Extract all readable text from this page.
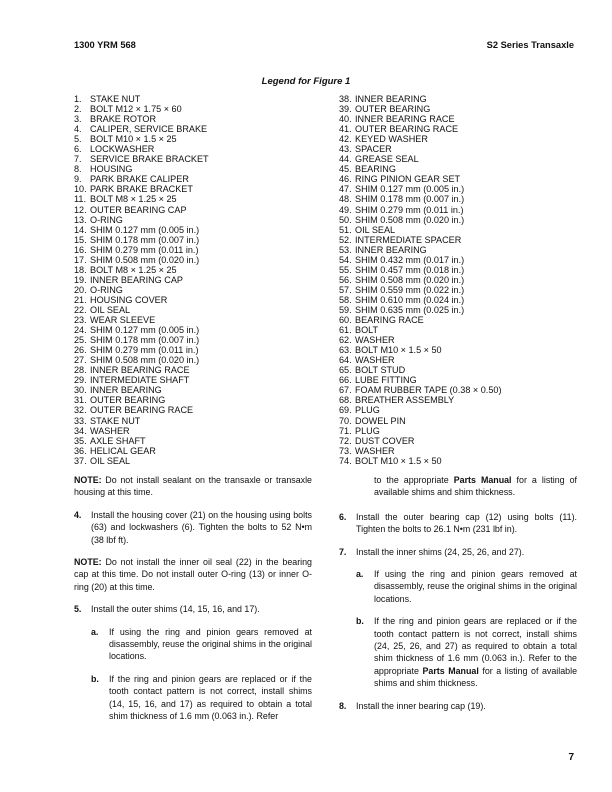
1300 YRM 568	S2 Series Transaxle
Legend for Figure 1
1. STAKE NUT
2. BOLT M12 × 1.75 × 60
3. BRAKE ROTOR
4. CALIPER, SERVICE BRAKE
5. BOLT M10 × 1.5 × 25
6. LOCKWASHER
7. SERVICE BRAKE BRACKET
8. HOUSING
9. PARK BRAKE CALIPER
10. PARK BRAKE BRACKET
11. BOLT M8 × 1.25 × 25
12. OUTER BEARING CAP
13. O-RING
14. SHIM 0.127 mm (0.005 in.)
15. SHIM 0.178 mm (0.007 in.)
16. SHIM 0.279 mm (0.011 in.)
17. SHIM 0.508 mm (0.020 in.)
18. BOLT M8 × 1.25 × 25
19. INNER BEARING CAP
20. O-RING
21. HOUSING COVER
22. OIL SEAL
23. WEAR SLEEVE
24. SHIM 0.127 mm (0.005 in.)
25. SHIM 0.178 mm (0.007 in.)
26. SHIM 0.279 mm (0.011 in.)
27. SHIM 0.508 mm (0.020 in.)
28. INNER BEARING RACE
29. INTERMEDIATE SHAFT
30. INNER BEARING
31. OUTER BEARING
32. OUTER BEARING RACE
33. STAKE NUT
34. WASHER
35. AXLE SHAFT
36. HELICAL GEAR
37. OIL SEAL
38. INNER BEARING
39. OUTER BEARING
40. INNER BEARING RACE
41. OUTER BEARING RACE
42. KEYED WASHER
43. SPACER
44. GREASE SEAL
45. BEARING
46. RING PINION GEAR SET
47. SHIM 0.127 mm (0.005 in.)
48. SHIM 0.178 mm (0.007 in.)
49. SHIM 0.279 mm (0.011 in.)
50. SHIM 0.508 mm (0.020 in.)
51. OIL SEAL
52. INTERMEDIATE SPACER
53. INNER BEARING
54. SHIM 0.432 mm (0.017 in.)
55. SHIM 0.457 mm (0.018 in.)
56. SHIM 0.508 mm (0.020 in.)
57. SHIM 0.559 mm (0.022 in.)
58. SHIM 0.610 mm (0.024 in.)
59. SHIM 0.635 mm (0.025 in.)
60. BEARING RACE
61. BOLT
62. WASHER
63. BOLT M10 × 1.5 × 50
64. WASHER
65. BOLT STUD
66. LUBE FITTING
67. FOAM RUBBER TAPE (0.38 × 0.50)
68. BREATHER ASSEMBLY
69. PLUG
70. DOWEL PIN
71. PLUG
72. DUST COVER
73. WASHER
74. BOLT M10 × 1.5 × 50

NOTE: Do not install sealant on the transaxle or transaxle housing at this time.

4.	Install the housing cover (21) on the housing using bolts (63) and lockwashers (6). Tighten the bolts to 52 N•m (38 lbf ft).

NOTE: Do not install the inner oil seal (22) in the bearing cap at this time. Do not install outer O-ring (13) or inner O-ring (20) at this time.

5.	Install the outer shims (14, 15, 16, and 17).
a.	If using the ring and pinion gears removed at disassembly, reuse the original shims in the original locations.
b.	If the ring and pinion gears are replaced or if the tooth contact pattern is not correct, install shims (14, 15, 16, and 17) as required to obtain a total shim thickness of 1.6 mm (0.063 in.). Refer

to the appropriate Parts Manual for a listing of available shims and shim thickness.

6.	Install the outer bearing cap (12) using bolts (11). Tighten the bolts to 26.1 N•m (231 lbf in).
7.	Install the inner shims (24, 25, 26, and 27).
a.	If using the ring and pinion gears removed at disassembly, reuse the original shims in the original locations.
b.	If the ring and pinion gears are replaced or if the tooth contact pattern is not correct, install shims (24, 25, 26, and 27) as required to obtain a total shim thickness of 1.6 mm (0.063 in.). Refer to the appropriate Parts Manual for a listing of available shims and shim thickness.
8.	Install the inner bearing cap (19).
7
